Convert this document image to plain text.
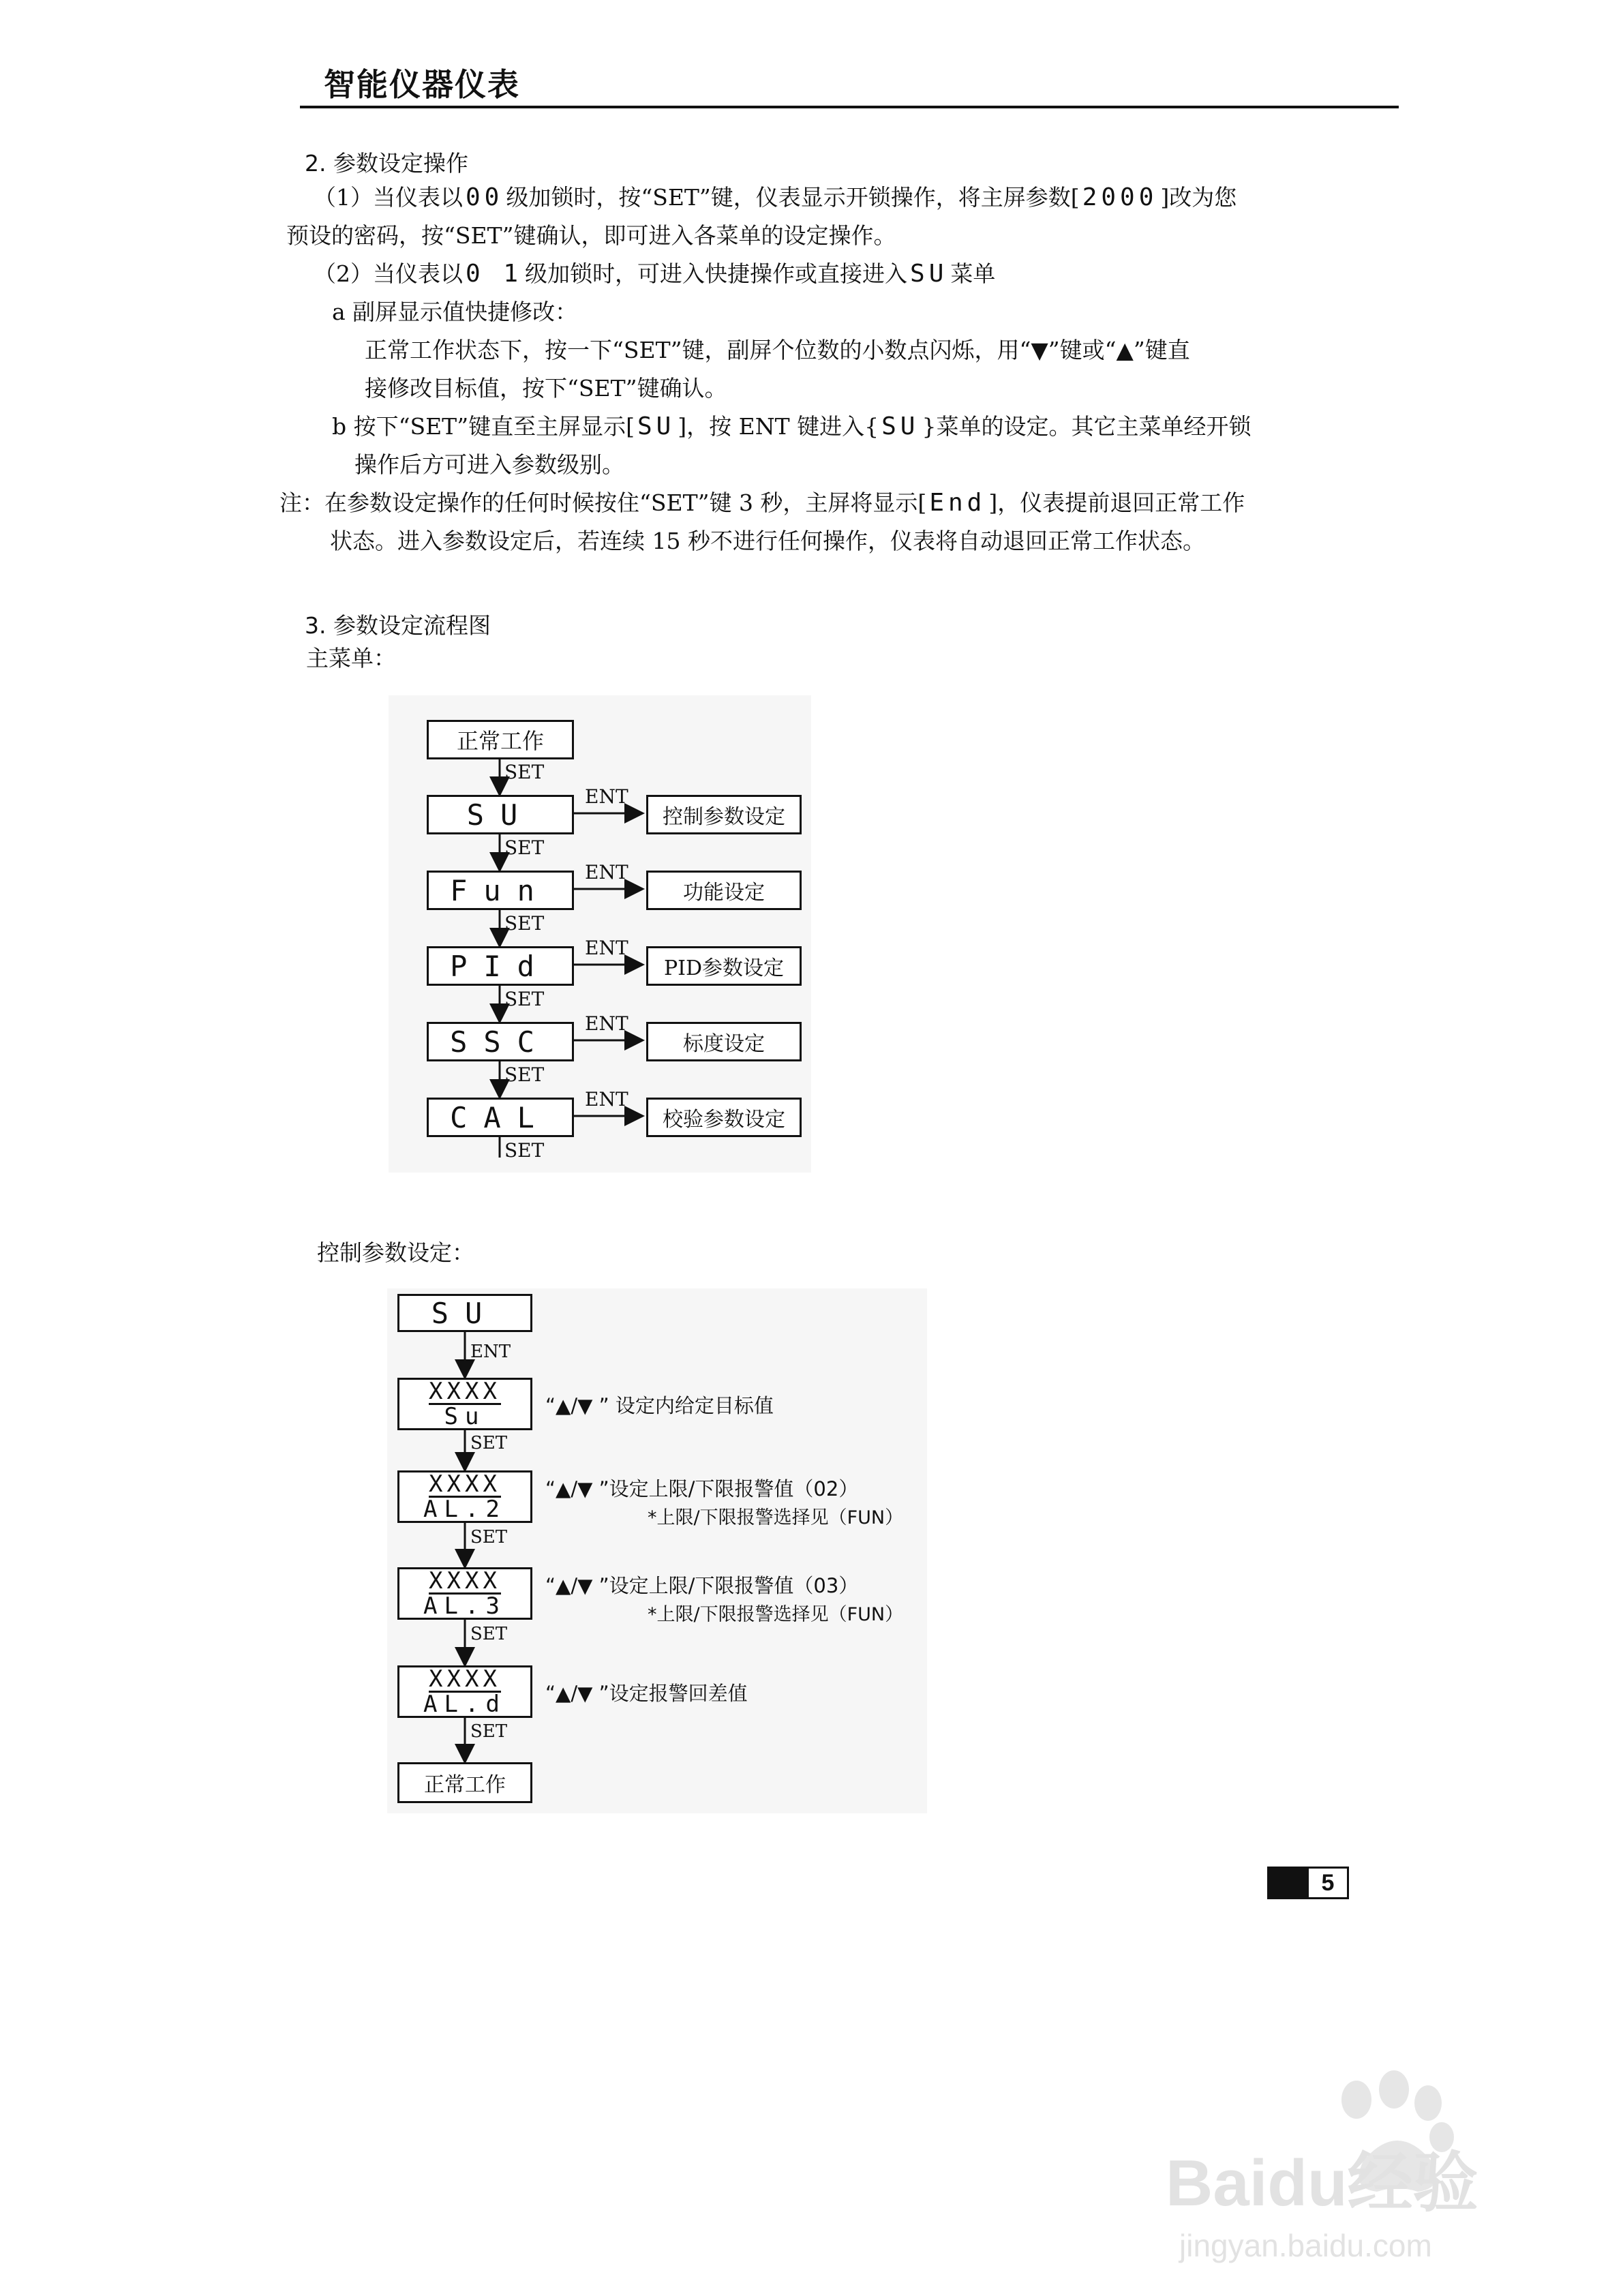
智能仪器仪表
2. 参数设定操作
（1）当仪表以 00 级加锁时，按“SET”键，仪表显示开锁操作，将主屏参数[ 2000 ]改为您
预设的密码，按“SET”键确认，即可进入各菜单的设定操作。
（2）当仪表以 0 1 级加锁时，可进入快捷操作或直接进入 SU 菜单
a 副屏显示值快捷修改：
正常工作状态下，按一下“SET”键，副屏个位数的小数点闪烁，用“▼”键或“▲”键直
接修改目标值，按下“SET”键确认。
b 按下“SET”键直至主屏显示[ SU ]，按 ENT 键进入{ SU }菜单的设定。其它主菜单经开锁
操作后方可进入参数级别。
注：在参数设定操作的任何时候按住“SET”键 3 秒，主屏将显示[ End ]，仪表提前退回正常工作
状态。进入参数设定后，若连续 15 秒不进行任何操作，仪表将自动退回正常工作状态。
3. 参数设定流程图
主菜单：
正常工作
SU
Fun
PId
SSC
CAL
控制参数设定
功能设定
PID参数设定
标度设定
校验参数设定
SET
SET
SET
SET
SET
SET
ENT
ENT
ENT
ENT
ENT
控制参数设定：
SU
XXXX
Su
XXXX
AL.2
XXXX
AL.3
XXXX
AL.d
正常工作
ENT
SET
SET
SET
SET
“▲/▼ ” 设定内给定目标值
“▲/▼ ”设定上限/下限报警值（02）
*上限/下限报警选择见（FUN）
“▲/▼ ”设定上限/下限报警值（03）
*上限/下限报警选择见（FUN）
“▲/▼ ”设定报警回差值
5
Baidu经验
jingyan.baidu.com
